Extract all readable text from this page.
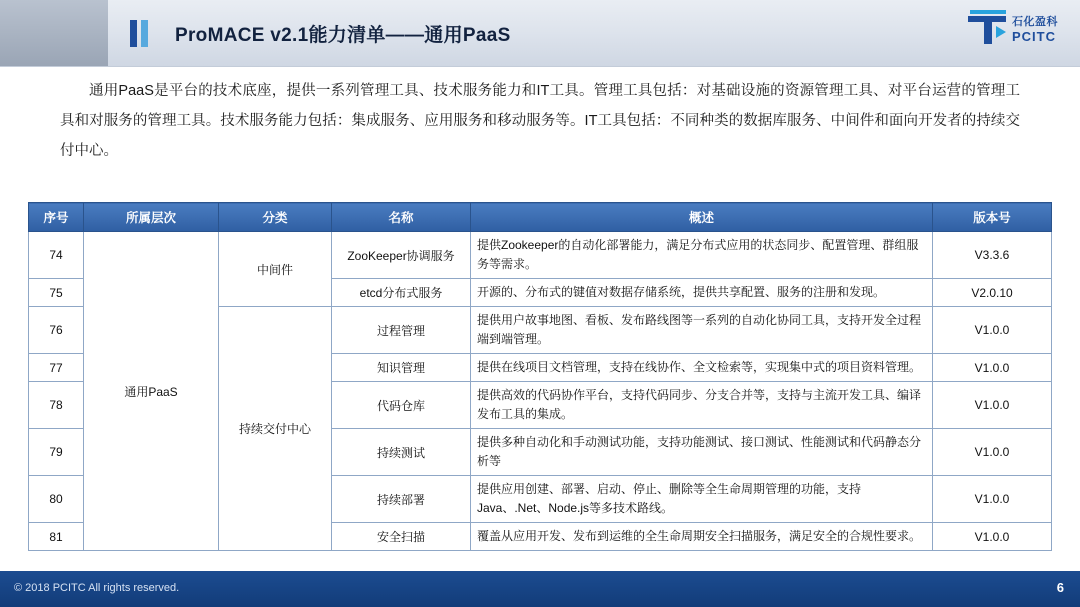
ProMACE v2.1能力清单——通用PaaS
石化盈科
PCITC
通用PaaS是平台的技术底座，提供一系列管理工具、技术服务能力和IT工具。管理工具包括：对基础设施的资源管理工具、对平台运营的管理工具和对服务的管理工具。技术服务能力包括：集成服务、应用服务和移动服务等。IT工具包括：不同种类的数据库服务、中间件和面向开发者的持续交付中心。
序号	所属层次	分类	名称	概述	版本号
74	通用PaaS	中间件	ZooKeeper协调服务	提供Zookeeper的自动化部署能力，满足分布式应用的状态同步、配置管理、群组服务等需求。	V3.3.6
75			etcd分布式服务	开源的、分布式的键值对数据存储系统，提供共享配置、服务的注册和发现。	V2.0.10
76		持续交付中心	过程管理	提供用户故事地图、看板、发布路线图等一系列的自动化协同工具，支持开发全过程端到端管理。	V1.0.0
77			知识管理	提供在线项目文档管理，支持在线协作、全文检索等，实现集中式的项目资料管理。	V1.0.0
78			代码仓库	提供高效的代码协作平台，支持代码同步、分支合并等，支持与主流开发工具、编译发布工具的集成。	V1.0.0
79			持续测试	提供多种自动化和手动测试功能，支持功能测试、接口测试、性能测试和代码静态分析等	V1.0.0
80			持续部署	提供应用创建、部署、启动、停止、删除等全生命周期管理的功能，支持Java、.Net、Node.js等多技术路线。	V1.0.0
81			安全扫描	覆盖从应用开发、发布到运维的全生命周期安全扫描服务，满足安全的合规性要求。	V1.0.0
© 2018 PCITC All rights reserved.	6
